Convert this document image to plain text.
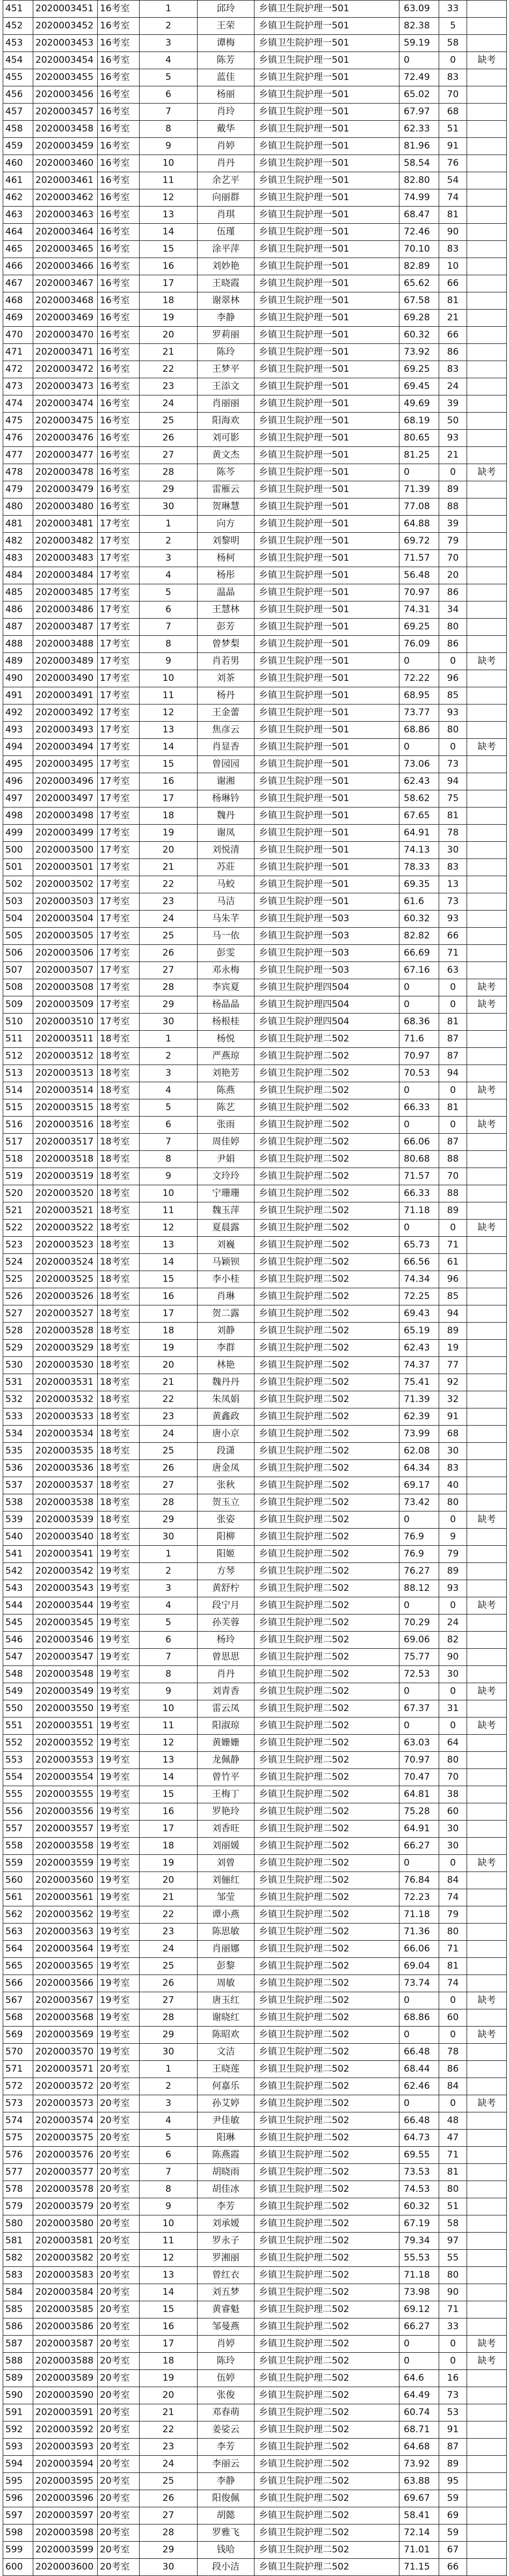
451	2020003451	16考室	1	邱玲	乡镇卫生院护理一501	63.09	33	
452	2020003452	16考室	2	王荣	乡镇卫生院护理一501	82.38	5	
453	2020003453	16考室	3	谭梅	乡镇卫生院护理一501	59.19	58	
454	2020003454	16考室	4	陈芳	乡镇卫生院护理一501	0	0	缺考
455	2020003455	16考室	5	蓝佳	乡镇卫生院护理一501	72.49	83	
456	2020003456	16考室	6	杨丽	乡镇卫生院护理一501	65.02	70	
457	2020003457	16考室	7	肖玲	乡镇卫生院护理一501	67.97	68	
458	2020003458	16考室	8	戴华	乡镇卫生院护理一501	62.33	51	
459	2020003459	16考室	9	肖婷	乡镇卫生院护理一501	81.96	91	
460	2020003460	16考室	10	肖丹	乡镇卫生院护理一501	58.54	76	
461	2020003461	16考室	11	余艺平	乡镇卫生院护理一501	82.80	54	
462	2020003462	16考室	12	向丽群	乡镇卫生院护理一501	74.99	74	
463	2020003463	16考室	13	肖琪	乡镇卫生院护理一501	68.47	81	
464	2020003464	16考室	14	伍瑾	乡镇卫生院护理一501	72.46	90	
465	2020003465	16考室	15	涂平萍	乡镇卫生院护理一501	70.10	83	
466	2020003466	16考室	16	刘妙艳	乡镇卫生院护理一501	82.89	10	
467	2020003467	16考室	17	王晓霞	乡镇卫生院护理一501	65.62	66	
468	2020003468	16考室	18	谢翠林	乡镇卫生院护理一501	67.58	81	
469	2020003469	16考室	19	李静	乡镇卫生院护理一501	69.28	21	
470	2020003470	16考室	20	罗莉丽	乡镇卫生院护理一501	60.32	66	
471	2020003471	16考室	21	陈玲	乡镇卫生院护理一501	73.92	86	
472	2020003472	16考室	22	王梦平	乡镇卫生院护理一501	69.25	83	
473	2020003473	16考室	23	王添文	乡镇卫生院护理一501	69.45	24	
474	2020003474	16考室	24	肖丽丽	乡镇卫生院护理一501	49.69	39	
475	2020003475	16考室	25	阳海欢	乡镇卫生院护理一501	68.19	50	
476	2020003476	16考室	26	刘可影	乡镇卫生院护理一501	80.65	93	
477	2020003477	16考室	27	黄文杰	乡镇卫生院护理一501	81.25	21	
478	2020003478	16考室	28	陈芩	乡镇卫生院护理一501	0	0	缺考
479	2020003479	16考室	29	雷雁云	乡镇卫生院护理一501	71.39	89	
480	2020003480	16考室	30	贺琳慧	乡镇卫生院护理一501	77.08	88	
481	2020003481	17考室	1	向方	乡镇卫生院护理一501	64.88	39	
482	2020003482	17考室	2	刘黎明	乡镇卫生院护理一501	69.72	79	
483	2020003483	17考室	3	杨柯	乡镇卫生院护理一501	71.57	70	
484	2020003484	17考室	4	杨彤	乡镇卫生院护理一501	56.48	20	
485	2020003485	17考室	5	温晶	乡镇卫生院护理一501	70.97	86	
486	2020003486	17考室	6	王慧林	乡镇卫生院护理一501	74.31	34	
487	2020003487	17考室	7	彭芳	乡镇卫生院护理一501	69.25	80	
488	2020003488	17考室	8	曾梦梨	乡镇卫生院护理一501	76.09	86	
489	2020003489	17考室	9	肖若男	乡镇卫生院护理一501	0	0	缺考
490	2020003490	17考室	10	刘茶	乡镇卫生院护理一501	72.22	96	
491	2020003491	17考室	11	杨丹	乡镇卫生院护理一501	68.95	85	
492	2020003492	17考室	12	王金蕾	乡镇卫生院护理一501	73.77	93	
493	2020003493	17考室	13	焦彦云	乡镇卫生院护理一501	68.86	80	
494	2020003494	17考室	14	肖显香	乡镇卫生院护理一501	0	0	缺考
495	2020003495	17考室	15	曾园园	乡镇卫生院护理一501	73.06	73	
496	2020003496	17考室	16	谢湘	乡镇卫生院护理一501	62.43	94	
497	2020003497	17考室	17	杨琳钤	乡镇卫生院护理一501	58.62	75	
498	2020003498	17考室	18	魏丹	乡镇卫生院护理一501	67.65	81	
499	2020003499	17考室	19	谢凤	乡镇卫生院护理一501	64.91	78	
500	2020003500	17考室	20	刘悦清	乡镇卫生院护理一501	74.13	30	
501	2020003501	17考室	21	苏莊	乡镇卫生院护理一501	78.33	83	
502	2020003502	17考室	22	马蛟	乡镇卫生院护理一501	69.35	13	
503	2020003503	17考室	23	马洁	乡镇卫生院护理一501	61.6	73	
504	2020003504	17考室	24	马朱芊	乡镇卫生院护理一503	60.32	93	
505	2020003505	17考室	25	马一依	乡镇卫生院护理一503	82.82	66	
506	2020003506	17考室	26	彭雯	乡镇卫生院护理一503	66.69	71	
507	2020003507	17考室	27	邓永梅	乡镇卫生院护理一503	67.16	63	
508	2020003508	17考室	28	李宾夏	乡镇卫生院护理四504	0	0	缺考
509	2020003509	17考室	29	杨晶晶	乡镇卫生院护理四504	0	0	缺考
510	2020003510	17考室	30	杨根桂	乡镇卫生院护理四504	68.36	81	
511	2020003511	18考室	1	杨悦	乡镇卫生院护理二502	71.6	87	
512	2020003512	18考室	2	严燕琼	乡镇卫生院护理二502	70.97	87	
513	2020003513	18考室	3	刘艳芳	乡镇卫生院护理二502	70.53	94	
514	2020003514	18考室	4	陈燕	乡镇卫生院护理二502	0	0	缺考
515	2020003515	18考室	5	陈艺	乡镇卫生院护理二502	66.33	81	
516	2020003516	18考室	6	张雨	乡镇卫生院护理二502	0	0	缺考
517	2020003517	18考室	7	周佳婷	乡镇卫生院护理二502	66.06	87	
518	2020003518	18考室	8	尹娟	乡镇卫生院护理二502	80.68	88	
519	2020003519	18考室	9	文玲玲	乡镇卫生院护理二502	71.57	70	
520	2020003520	18考室	10	宁珊珊	乡镇卫生院护理二502	66.33	88	
521	2020003521	18考室	11	魏玉萍	乡镇卫生院护理二502	71.18	89	
522	2020003522	18考室	12	夏晨露	乡镇卫生院护理二502	0	0	缺考
523	2020003523	18考室	13	刘巍	乡镇卫生院护理二502	65.73	71	
524	2020003524	18考室	14	马颖钡	乡镇卫生院护理二502	66.56	61	
525	2020003525	18考室	15	李小桂	乡镇卫生院护理二502	74.34	96	
526	2020003526	18考室	16	肖琳	乡镇卫生院护理二502	72.25	85	
527	2020003527	18考室	17	贺二露	乡镇卫生院护理二502	69.43	94	
528	2020003528	18考室	18	刘静	乡镇卫生院护理二502	65.19	89	
529	2020003529	18考室	19	李群	乡镇卫生院护理二502	62.43	19	
530	2020003530	18考室	20	林艳	乡镇卫生院护理二502	74.37	77	
531	2020003531	18考室	21	魏丹丹	乡镇卫生院护理二502	75.41	92	
532	2020003532	18考室	22	朱凤娟	乡镇卫生院护理二502	71.39	32	
533	2020003533	18考室	23	黄鑫政	乡镇卫生院护理二502	62.39	91	
534	2020003534	18考室	24	唐小京	乡镇卫生院护理二502	73.99	68	
535	2020003535	18考室	25	段潇	乡镇卫生院护理二502	62.08	30	
536	2020003536	18考室	26	唐金凤	乡镇卫生院护理二502	64.34	83	
537	2020003537	18考室	27	张秋	乡镇卫生院护理二502	69.17	40	
538	2020003538	18考室	28	贺玉立	乡镇卫生院护理二502	73.42	80	
539	2020003539	18考室	29	张姿	乡镇卫生院护理二502	0	0	缺考
540	2020003540	18考室	30	阳柳	乡镇卫生院护理二502	76.9	9	
541	2020003541	19考室	1	阳姬	乡镇卫生院护理二502	76.9	79	
542	2020003542	19考室	2	方琴	乡镇卫生院护理二502	76.27	89	
543	2020003543	19考室	3	黄舒柠	乡镇卫生院护理二502	88.12	93	
544	2020003544	19考室	4	段宁月	乡镇卫生院护理二502	0	0	缺考
545	2020003545	19考室	5	孙芙蓉	乡镇卫生院护理二502	70.29	24	
546	2020003546	19考室	6	杨玲	乡镇卫生院护理二502	69.06	82	
547	2020003547	19考室	7	曾思思	乡镇卫生院护理二502	75.77	90	
548	2020003548	19考室	8	肖丹	乡镇卫生院护理二502	72.53	30	
549	2020003549	19考室	9	刘青香	乡镇卫生院护理二502	0	0	缺考
550	2020003550	19考室	10	雷云凤	乡镇卫生院护理二502	67.37	31	
551	2020003551	19考室	11	阳淑琼	乡镇卫生院护理二502	0	0	缺考
552	2020003552	19考室	12	黄姗姗	乡镇卫生院护理二502	63.03	64	
553	2020003553	19考室	13	龙佩静	乡镇卫生院护理二502	70.97	80	
554	2020003554	19考室	14	曾竹平	乡镇卫生院护理二502	70.47	70	
555	2020003555	19考室	15	王梅丁	乡镇卫生院护理二502	64.81	38	
556	2020003556	19考室	16	罗艳玲	乡镇卫生院护理二502	75.28	60	
557	2020003557	19考室	17	刘香旺	乡镇卫生院护理二502	64.91	30	
558	2020003558	19考室	18	刘丽媛	乡镇卫生院护理二502	66.27	30	
559	2020003559	19考室	19	刘曾	乡镇卫生院护理二502	0	0	缺考
560	2020003560	19考室	20	刘俪红	乡镇卫生院护理二502	76.84	84	
561	2020003561	19考室	21	邹莹	乡镇卫生院护理二502	72.23	74	
562	2020003562	19考室	22	谭小燕	乡镇卫生院护理二502	71.18	79	
563	2020003563	19考室	23	陈思敏	乡镇卫生院护理二502	71.36	80	
564	2020003564	19考室	24	肖丽娜	乡镇卫生院护理二502	66.06	71	
565	2020003565	19考室	25	彭黎	乡镇卫生院护理二502	69.04	81	
566	2020003566	19考室	26	周敏	乡镇卫生院护理二502	73.74	74	
567	2020003567	19考室	27	唐玉红	乡镇卫生院护理二502	0	0	缺考
568	2020003568	19考室	28	谢晓红	乡镇卫生院护理二502	68.86	60	
569	2020003569	19考室	29	陈昭欢	乡镇卫生院护理二502	0	0	缺考
570	2020003570	19考室	30	文洁	乡镇卫生院护理二502	66.48	78	
571	2020003571	20考室	1	王晓莲	乡镇卫生院护理二502	68.44	86	
572	2020003572	20考室	2	何嘉乐	乡镇卫生院护理二502	62.46	84	
573	2020003573	20考室	3	孙艾婷	乡镇卫生院护理二502	0	0	缺考
574	2020003574	20考室	4	尹佳敏	乡镇卫生院护理二502	66.48	48	
575	2020003575	20考室	5	阳琳	乡镇卫生院护理二502	64.73	47	
576	2020003576	20考室	6	陈燕霞	乡镇卫生院护理二502	69.55	71	
577	2020003577	20考室	7	胡晓雨	乡镇卫生院护理二502	73.53	81	
578	2020003578	20考室	8	胡佳冰	乡镇卫生院护理二502	74.53	80	
579	2020003579	20考室	9	李芳	乡镇卫生院护理二502	60.32	51	
580	2020003580	20考室	10	刘承嫒	乡镇卫生院护理二502	67.19	58	
581	2020003581	20考室	11	罗永子	乡镇卫生院护理二502	79.34	97	
582	2020003582	20考室	12	罗湘丽	乡镇卫生院护理二502	55.53	55	
583	2020003583	20考室	13	曾红衣	乡镇卫生院护理二502	71.18	80	
584	2020003584	20考室	14	刘五梦	乡镇卫生院护理二502	73.98	90	
585	2020003585	20考室	15	黄睿魁	乡镇卫生院护理二502	69.12	71	
586	2020003586	20考室	16	邹曼燕	乡镇卫生院护理二502	66.27	33	
587	2020003587	20考室	17	肖婷	乡镇卫生院护理二502	0	0	缺考
588	2020003588	20考室	18	陈玲	乡镇卫生院护理二502	0	0	缺考
589	2020003589	20考室	19	伍婷	乡镇卫生院护理二502	64.6	16	
590	2020003590	20考室	20	张俊	乡镇卫生院护理二502	64.49	73	
591	2020003591	20考室	21	邓春萌	乡镇卫生院护理二502	60.74	53	
592	2020003592	20考室	22	姜娑云	乡镇卫生院护理二502	68.71	91	
593	2020003593	20考室	23	李芳	乡镇卫生院护理二502	64.68	87	
594	2020003594	20考室	24	李丽云	乡镇卫生院护理二502	73.92	89	
595	2020003595	20考室	25	李静	乡镇卫生院护理二502	63.88	95	
596	2020003596	20考室	26	阳俊佩	乡镇卫生院护理二502	69.67	59	
597	2020003597	20考室	27	胡懿	乡镇卫生院护理二502	58.41	69	
598	2020003598	20考室	28	罗雅飞	乡镇卫生院护理二502	72.14	59	
599	2020003599	20考室	29	钱哈	乡镇卫生院护理二502	71.01	67	
600	2020003600	20考室	30	段小洁	乡镇卫生院护理二502	71.15	66	
